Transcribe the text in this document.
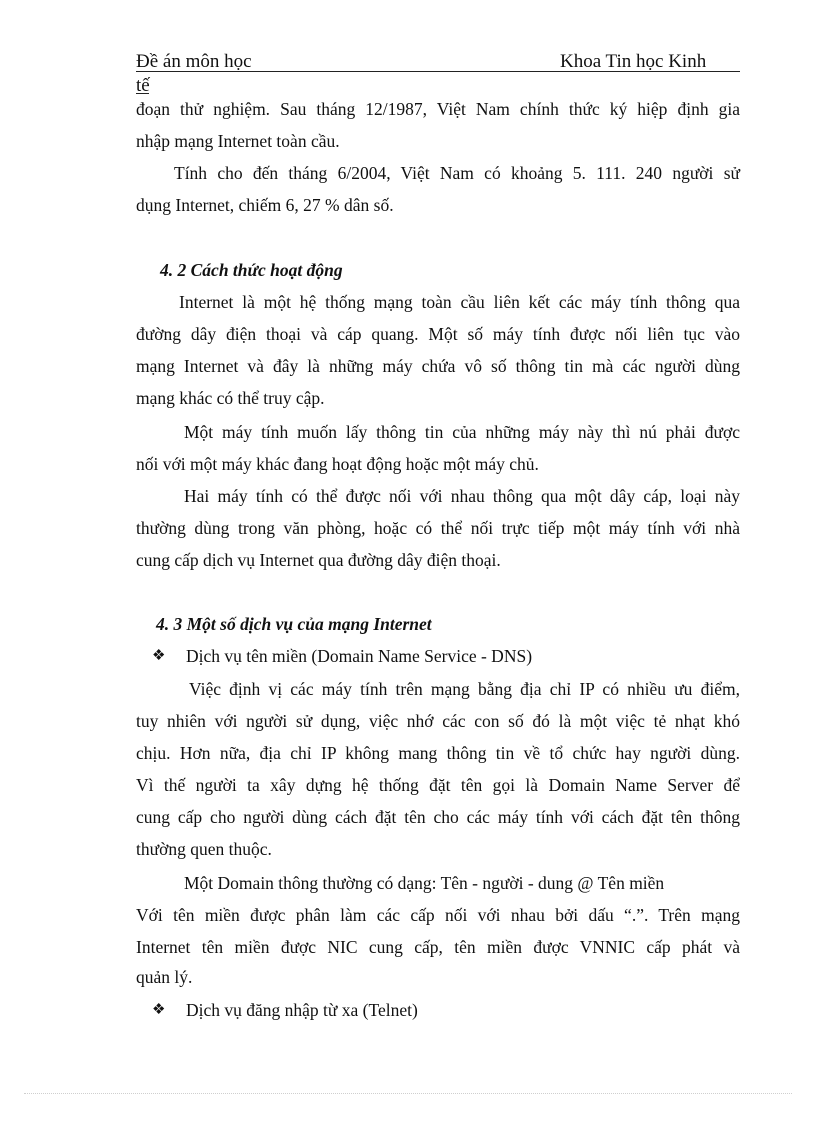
Đề án môn học	Khoa Tin học Kinh
tế
đoạn thử nghiệm. Sau tháng 12/1987, Việt Nam chính thức ký hiệp định gia
nhập mạng Internet toàn cầu.
Tính cho đến tháng 6/2004, Việt Nam có khoảng 5. 111. 240 người sử
dụng Internet, chiếm 6, 27 % dân số.
4. 2 Cách thức hoạt động
Internet là một hệ thống mạng toàn cầu liên kết các máy tính thông qua
đường dây điện thoại và cáp quang. Một số máy tính được nối liên tục vào
mạng Internet và đây là những máy chứa vô số thông tin mà các người dùng
mạng khác có thể truy cập.
Một máy tính muốn lấy thông tin của những máy này thì nú phải được
nối với một máy khác đang hoạt động hoặc một máy chủ.
Hai máy tính có thể được nối với nhau thông qua một dây cáp, loại này
thường dùng trong văn phòng, hoặc có thể nối trực tiếp một máy tính với nhà
cung cấp dịch vụ Internet qua đường dây điện thoại.
4. 3 Một số dịch vụ của mạng Internet
❖ Dịch vụ tên miền (Domain Name Service - DNS)
Việc định vị các máy tính trên mạng bằng địa chỉ IP có nhiều ưu điểm,
tuy nhiên với người sử dụng, việc nhớ các con số đó là một việc tẻ nhạt khó
chịu. Hơn nữa, địa chỉ IP không mang thông tin về tổ chức hay người dùng.
Vì thế người ta xây dựng hệ thống đặt tên gọi là Domain Name Server để
cung cấp cho người dùng cách đặt tên cho các máy tính với cách đặt tên thông
thường quen thuộc.
Một Domain thông thường có dạng: Tên - người - dung @ Tên miền
Với tên miền được phân làm các cấp nối với nhau bởi dấu “.”. Trên mạng
Internet tên miền được NIC cung cấp, tên miền được VNNIC cấp phát và
quản lý.
❖ Dịch vụ đăng nhập từ xa (Telnet)
